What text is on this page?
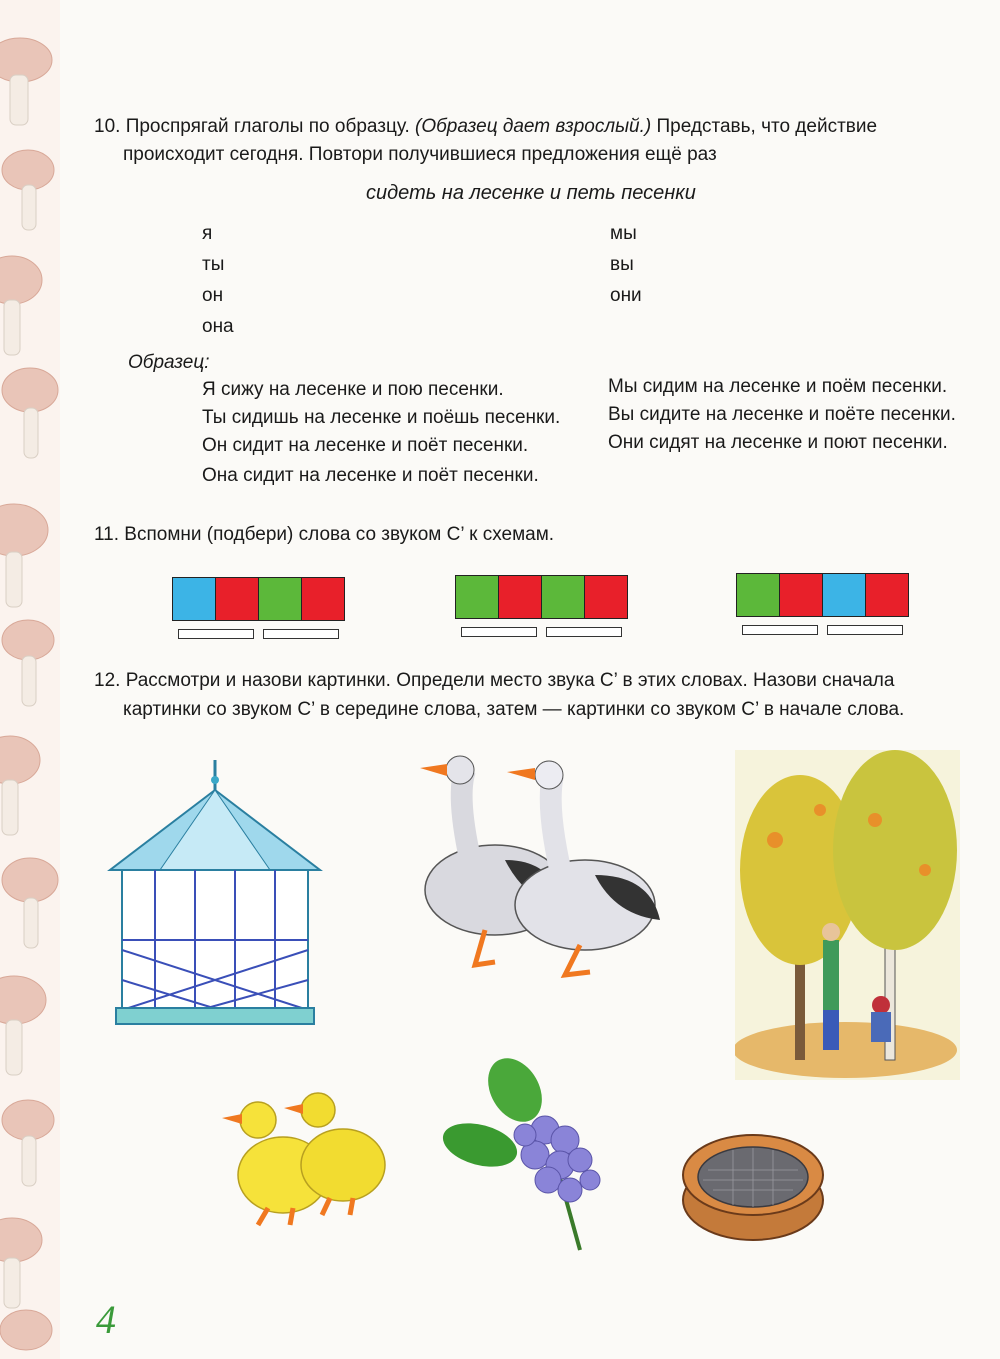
10. Проспрягай глаголы по образцу. (Образец дает взрослый.) Представь, что действие
происходит сегодня. Повтори получившиеся предложения ещё раз
сидеть на лесенке и петь песенки
я
ты
он
она
мы
вы
они
Образец:
Я сижу на лесенке и пою песенки.
Ты сидишь на лесенке и поёшь песенки.
Он сидит на лесенке и поёт песенки.
Она сидит на лесенке и поёт песенки.
Мы сидим на лесенке и поём песенки.
Вы сидите на лесенке и поёте песенки.
Они сидят на лесенке и поют песенки.
11. Вспомни (подбери) слова со звуком С’ к схемам.
12. Рассмотри и назови картинки. Определи место звука С’ в этих словах. Назови сначала
картинки со звуком С’ в середине слова, затем — картинки со звуком С’ в начале слова.
4
